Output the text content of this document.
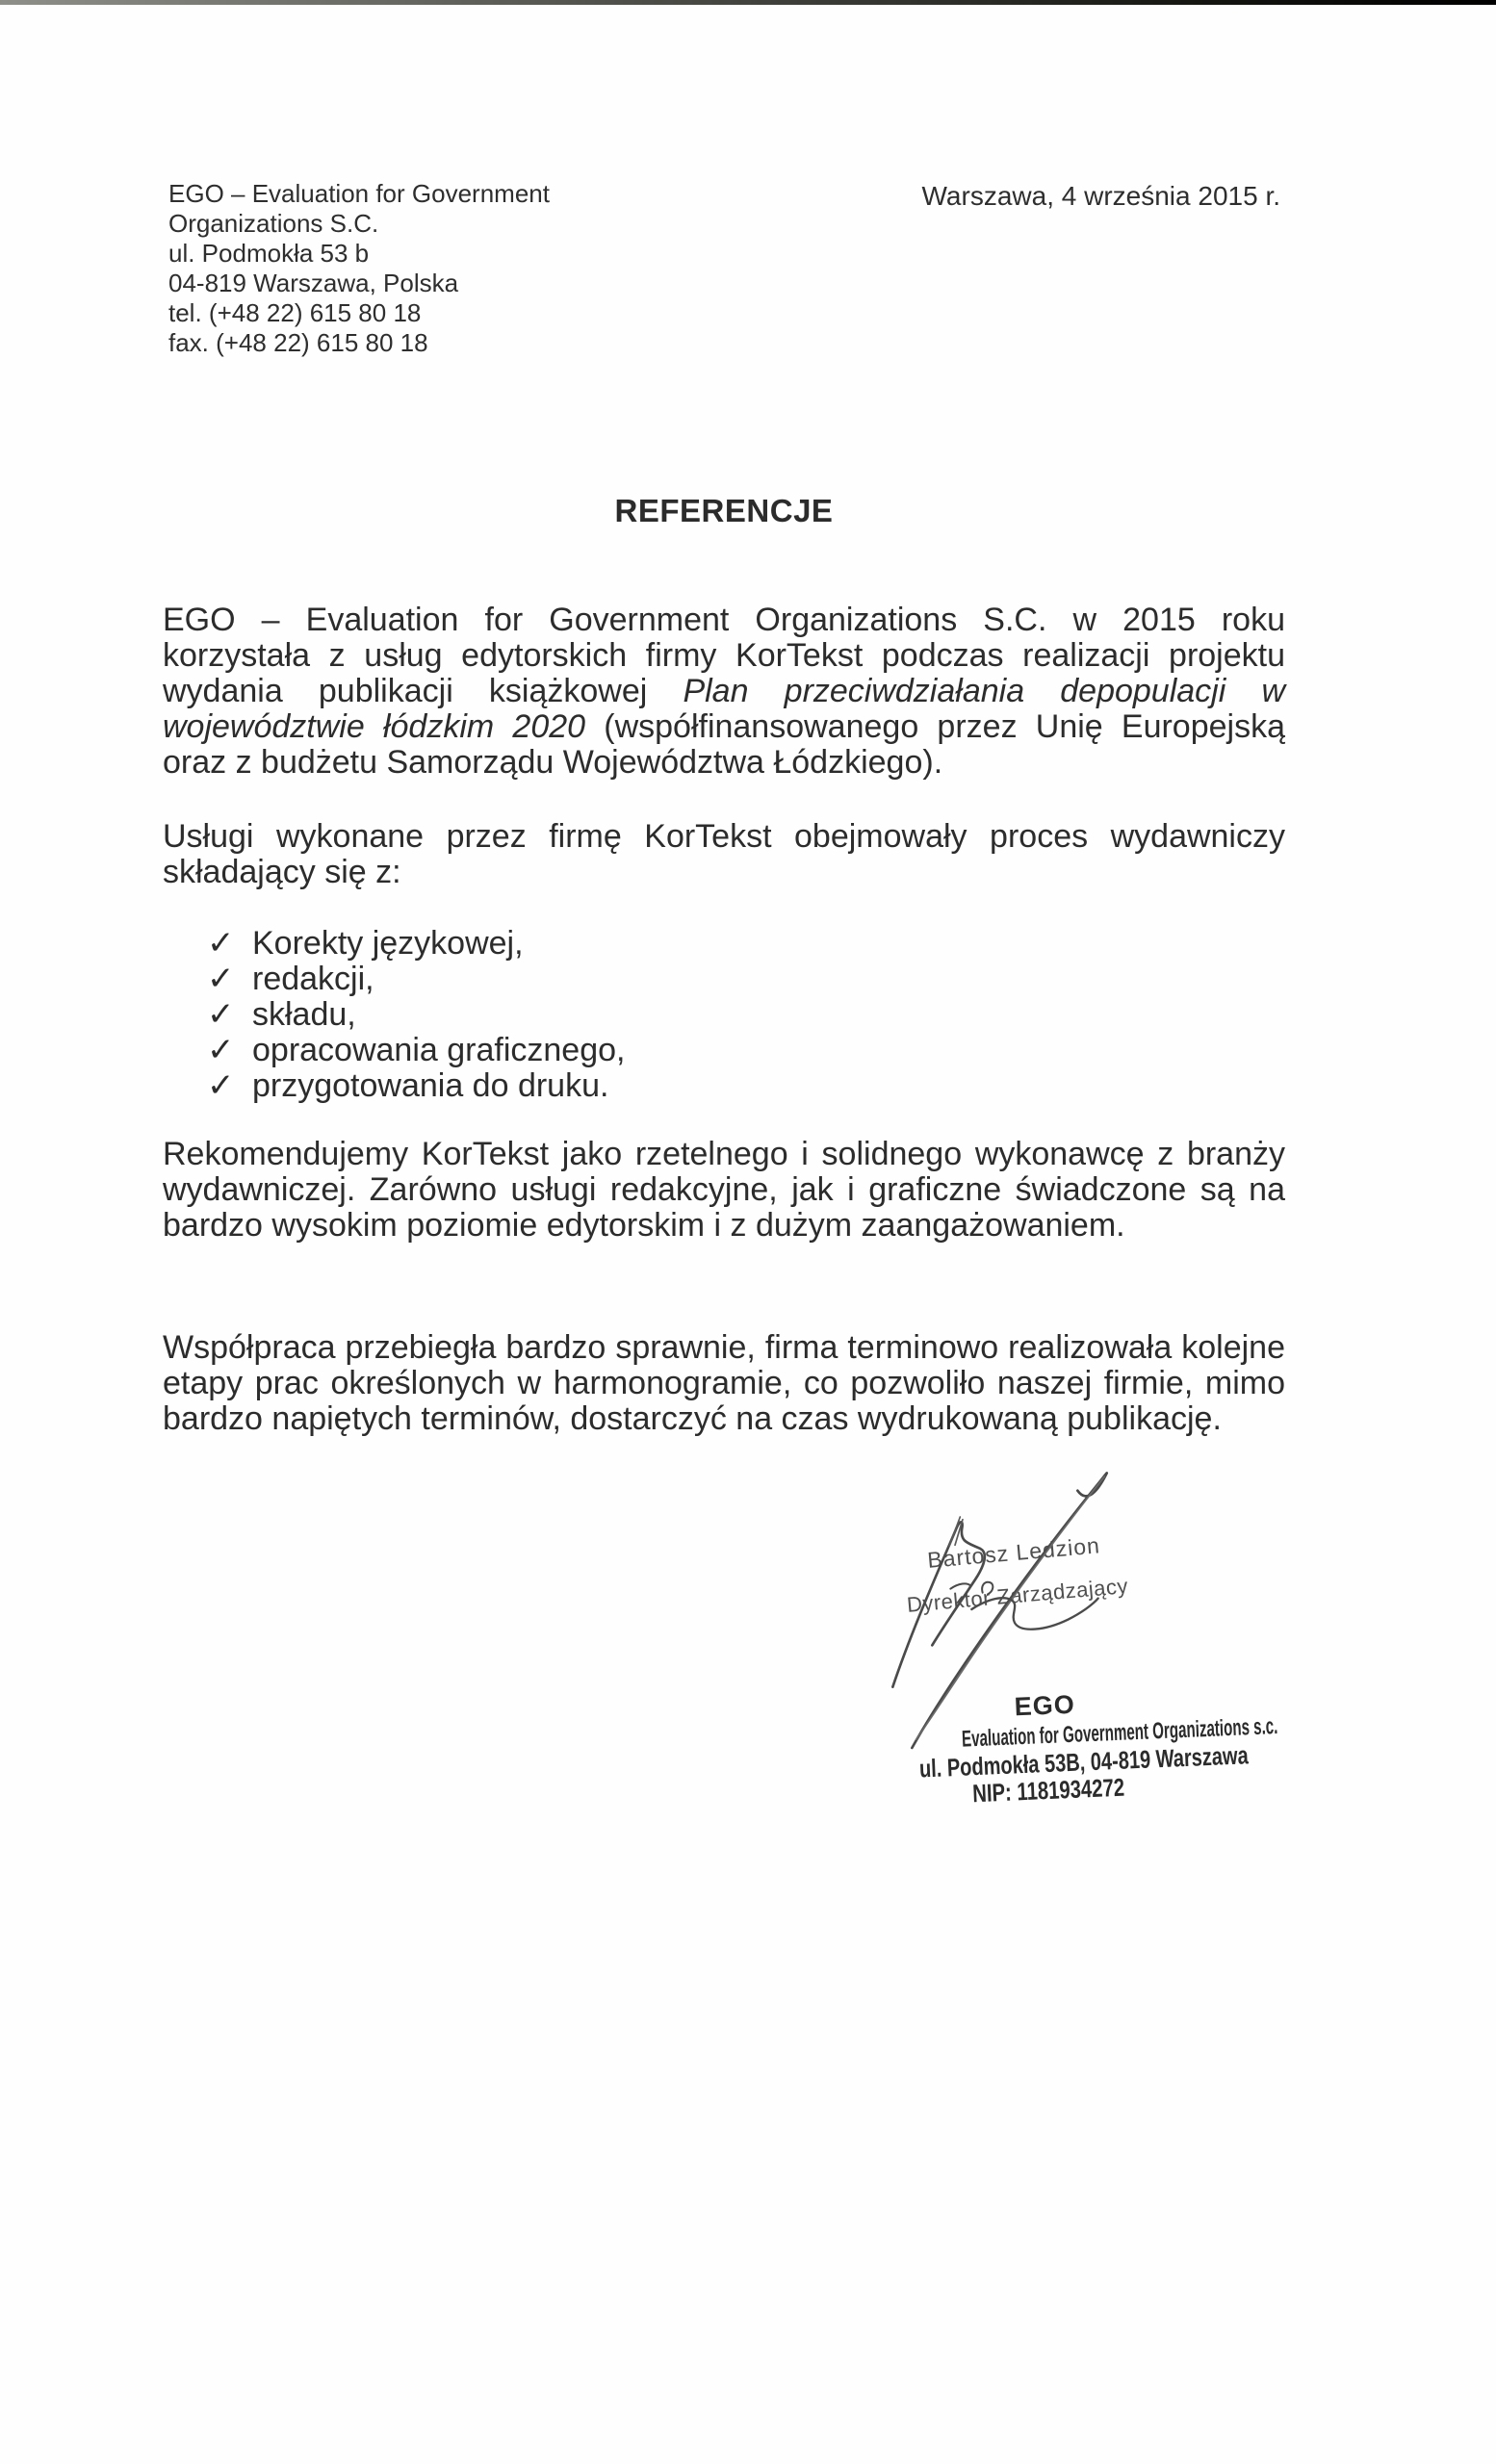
EGO – Evaluation for Government
Organizations S.C.
ul. Podmokła 53 b
04-819 Warszawa, Polska
tel. (+48 22) 615 80 18
fax. (+48 22) 615 80 18
Warszawa, 4 września 2015 r.
REFERENCJE
EGO – Evaluation for Government Organizations S.C. w 2015 roku korzystała z usług edytorskich firmy KorTekst podczas realizacji projektu wydania publikacji książkowej Plan przeciwdziałania depopulacji w województwie łódzkim 2020 (współfinansowanego przez Unię Europejską oraz z budżetu Samorządu Województwa Łódzkiego).
Usługi wykonane przez firmę KorTekst obejmowały proces wydawniczy składający się z:
✓ Korekty językowej,
✓ redakcji,
✓ składu,
✓ opracowania graficznego,
✓ przygotowania do druku.
Rekomendujemy KorTekst jako rzetelnego i solidnego wykonawcę z branży wydawniczej. Zarówno usługi redakcyjne, jak i graficzne świadczone są na bardzo wysokim poziomie edytorskim i z dużym zaangażowaniem.
Współpraca przebiegła bardzo sprawnie, firma terminowo realizowała kolejne etapy prac określonych w harmonogramie, co pozwoliło naszej firmie, mimo bardzo napiętych terminów, dostarczyć na czas wydrukowaną publikację.
Bartosz Ledzion
Dyrektor Zarządzający
EGO
Evaluation for Government Organizations s.c.
ul. Podmokła 53B, 04-819 Warszawa
NIP: 1181934272
